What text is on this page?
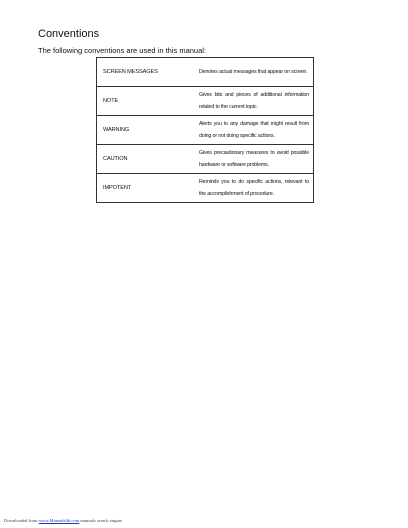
Conventions

The following conventions are used in this manual:

SCREEN MESSAGES	Denotes actual messages that appear on screen.
NOTE	Gives bits and pieces of additional information related to the current topic.
WARNING	Alerts you to any damage that might result from doing or not doing specific actions.
CAUTION	Gives precautionary measures to avoid possible hardware or software problems.
IMPOTENT	Reminds you to do specific actions, relevant to the accomplishment of procedure.

Downloaded from www.Manualslib.com manuals search engine
